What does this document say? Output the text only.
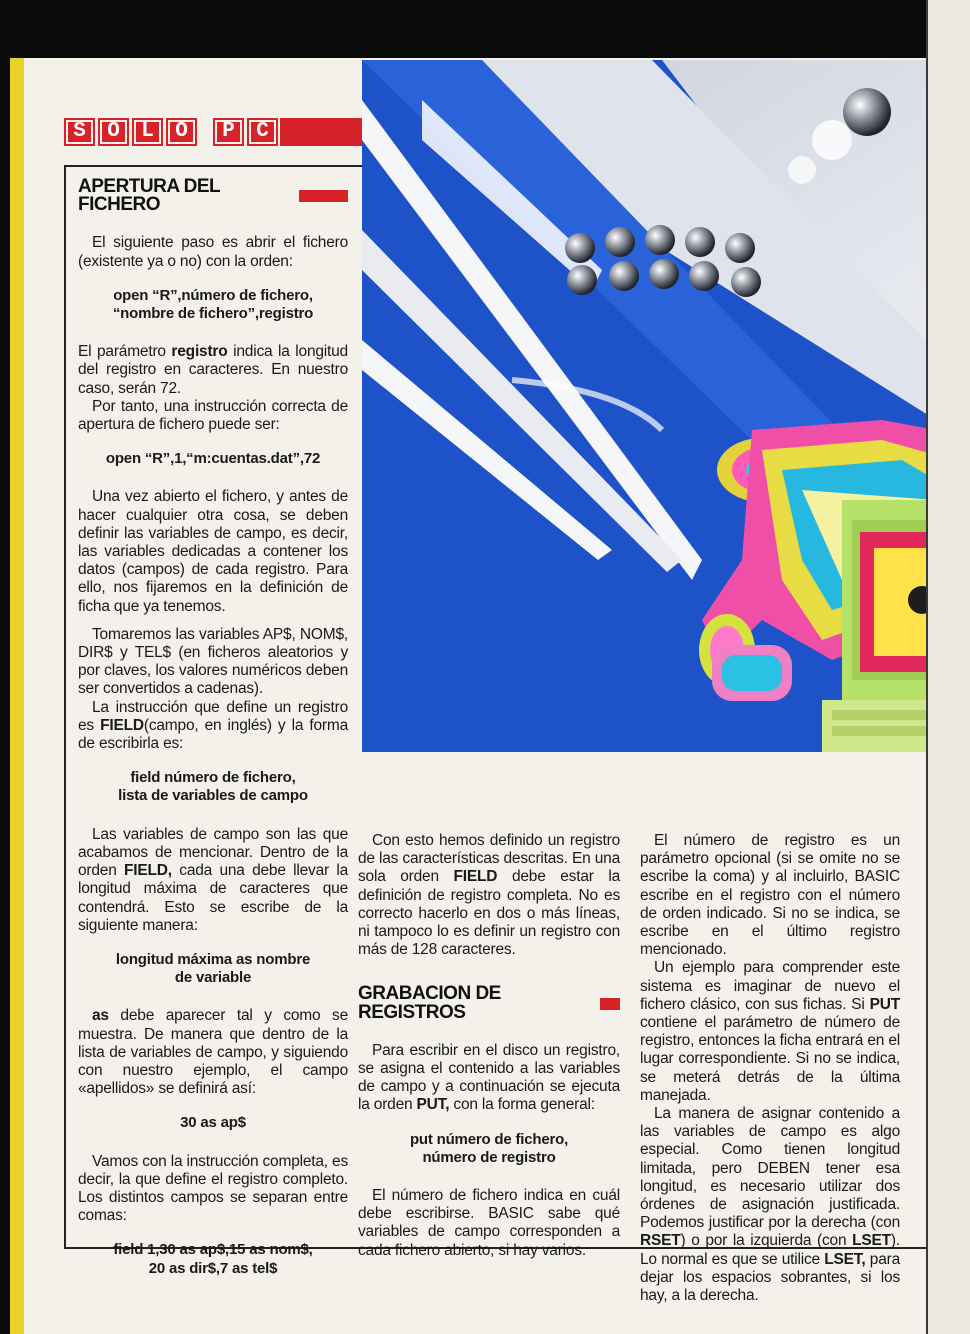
S	O	L	O	P	C
APERTURA DEL FICHERO

El siguiente paso es abrir el fichero (existente ya o no) con la orden:

open “R”,número de fichero,
“nombre de fichero”,registro

El parámetro registro indica la longitud del registro en caracteres. En nuestro caso, serán 72.

Por tanto, una instrucción correcta de apertura de fichero puede ser:

open “R”,1,“m:cuentas.dat”,72

Una vez abierto el fichero, y antes de hacer cualquier otra cosa, se deben definir las variables de campo, es decir, las variables dedicadas a contener los datos (campos) de cada registro. Para ello, nos fijaremos en la definición de ficha que ya tenemos.

Tomaremos las variables AP$, NOM$, DIR$ y TEL$ (en ficheros aleatorios y por claves, los valores numéricos deben ser convertidos a cadenas).

La instrucción que define un registro es FIELD(campo, en inglés) y la forma de escribirla es:

field número de fichero,
lista de variables de campo

Las variables de campo son las que acabamos de mencionar. Dentro de la orden FIELD, cada una debe llevar la longitud máxima de caracteres que contendrá. Esto se escribe de la siguiente manera:

longitud máxima as nombre
de variable

as debe aparecer tal y como se muestra. De manera que dentro de la lista de variables de campo, y siguiendo con nuestro ejemplo, el campo «apellidos» se definirá así:

30 as ap$

Vamos con la instrucción completa, es decir, la que define el registro completo. Los distintos campos se separan entre comas:

field 1,30 as ap$,15 as nom$,
20 as dir$,7 as tel$

Con esto hemos definido un registro de las características descritas. En una sola orden FIELD debe estar la definición de registro completa. No es correcto hacerlo en dos o más líneas, ni tampoco lo es definir un registro con más de 128 caracteres.

GRABACION DE REGISTROS

Para escribir en el disco un registro, se asigna el contenido a las variables de campo y a continuación se ejecuta la orden PUT, con la forma general:

put número de fichero,
número de registro

El número de fichero indica en cuál debe escribirse. BASIC sabe qué variables de campo corresponden a cada fichero abierto, si hay varios.

El número de registro es un parámetro opcional (si se omite no se escribe la coma) y al incluirlo, BASIC escribe en el registro con el número de orden indicado. Si no se indica, se escribe en el último registro mencionado.

Un ejemplo para comprender este sistema es imaginar de nuevo el fichero clásico, con sus fichas. Si PUT contiene el parámetro de número de registro, entonces la ficha entrará en el lugar correspondiente. Si no se indica, se meterá detrás de la última manejada.

La manera de asignar contenido a las variables de campo es algo especial. Como tienen longitud limitada, pero DEBEN tener esa longitud, es necesario utilizar dos órdenes de asignación justificada. Podemos justificar por la derecha (con RSET) o por la izquierda (con LSET). Lo normal es que se utilice LSET, para dejar los espacios sobrantes, si los hay, a la derecha.
